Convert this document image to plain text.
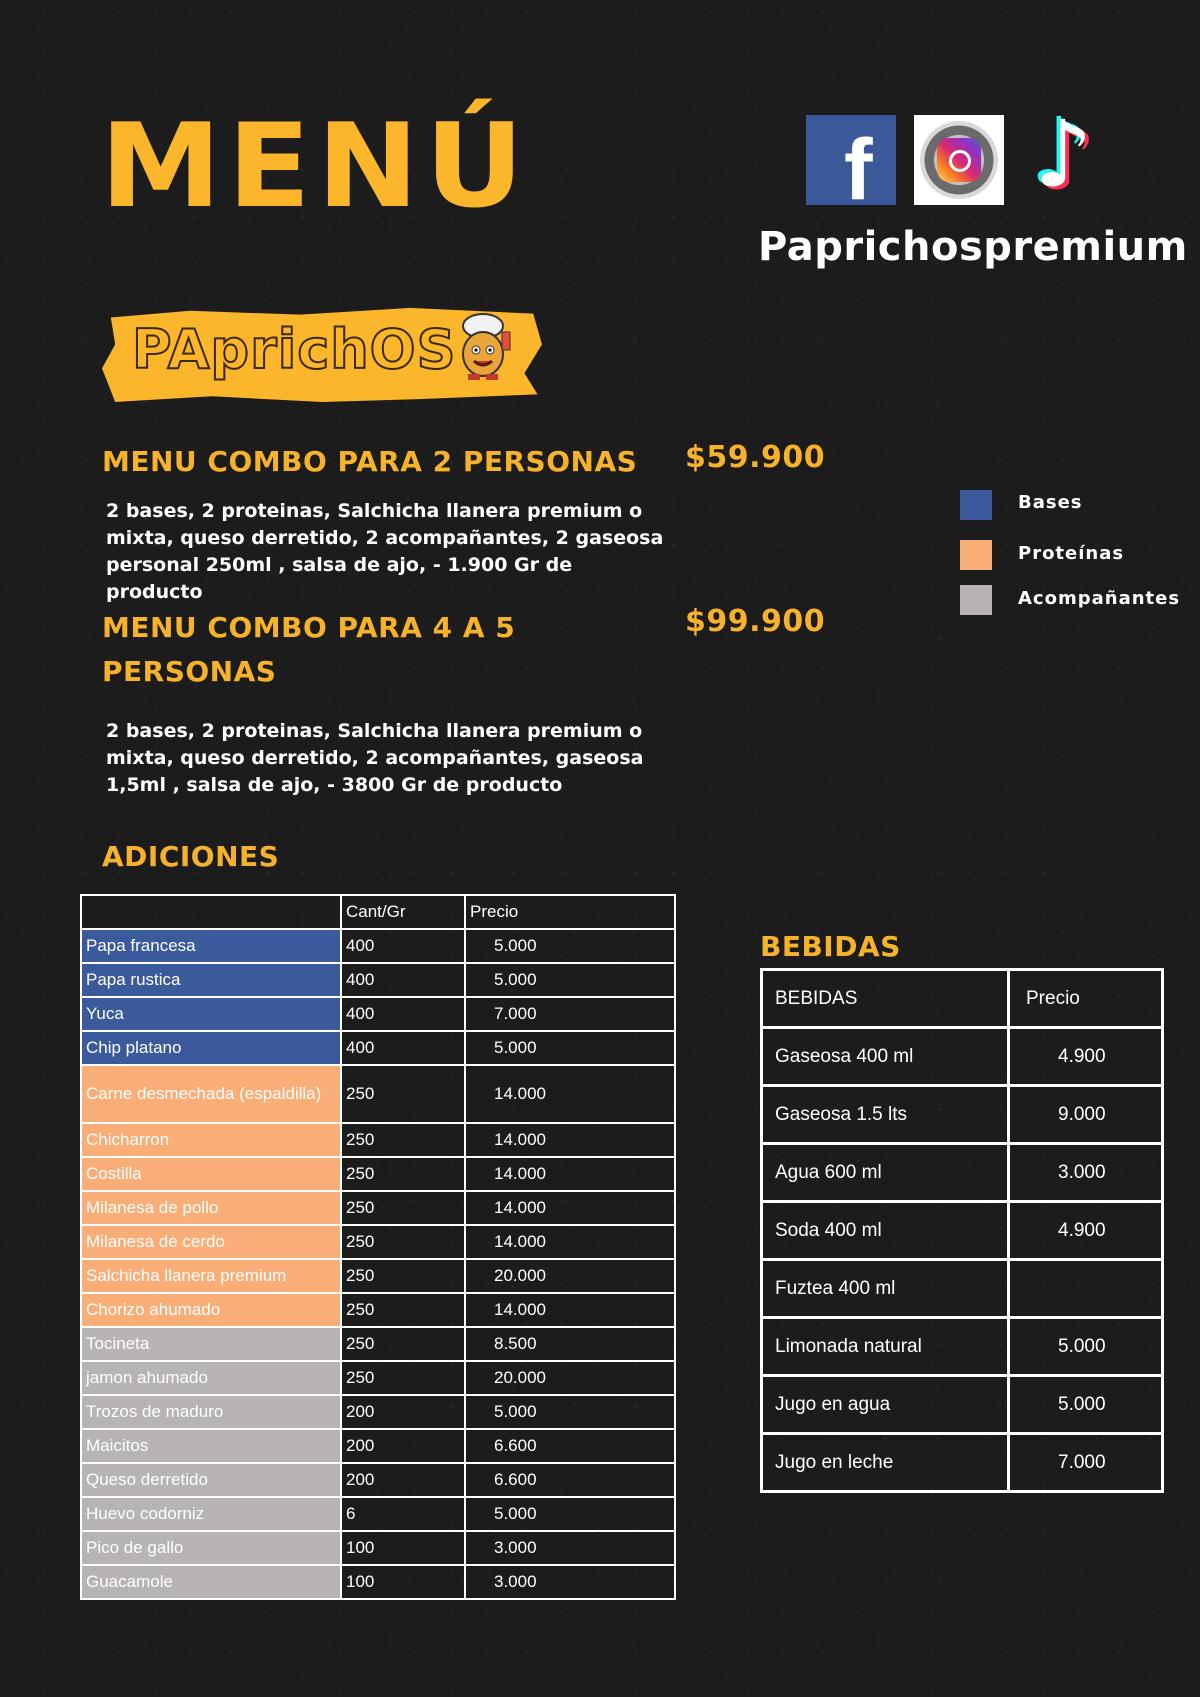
MENÚ	f ♪
Paprichospremium
PAprichOS
MENU COMBO PARA 2 PERSONAS $59.900
2 bases, 2 proteinas, Salchicha llanera premium o mixta, queso derretido, 2 acompañantes, 2 gaseosa personal 250ml , salsa de ajo, - 1.900 Gr de producto
MENU COMBO PARA 4 A 5
PERSONAS
$99.900
2 bases, 2 proteinas, Salchicha llanera premium o mixta, queso derretido, 2 acompañantes, gaseosa 1,5ml , salsa de ajo, - 3800 Gr de producto
Bases
Proteínas
Acompañantes
ADICIONES
	Cant/Gr	Precio
Papa francesa	400	5.000
Papa rustica	400	5.000
Yuca	400	7.000
Chip platano	400	5.000
Carne desmechada (espaldilla)	250	14.000
Chicharron	250	14.000
Costilla	250	14.000
Milanesa de pollo	250	14.000
Milanesa de cerdo	250	14.000
Salchicha llanera premium	250	20.000
Chorizo ahumado	250	14.000
Tocineta	250	8.500
jamon ahumado	250	20.000
Trozos de maduro	200	5.000
Maicitos	200	6.600
Queso derretido	200	6.600
Huevo codorniz	6	5.000
Pico de gallo	100	3.000
Guacamole	100	3.000
BEBIDAS
BEBIDAS	Precio
Gaseosa 400 ml	4.900
Gaseosa 1.5 lts	9.000
Agua 600 ml	3.000
Soda 400 ml	4.900
Fuztea 400 ml	
Limonada natural	5.000
Jugo en agua	5.000
Jugo en leche	7.000
